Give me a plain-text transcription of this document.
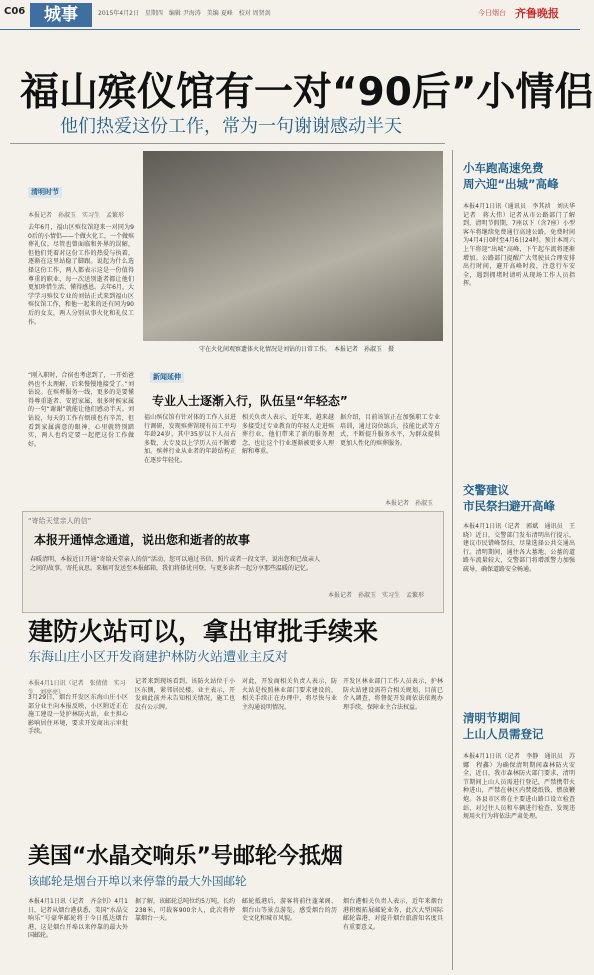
C06	城事	2015年4月2日　星期四　编辑 尹海涛　美编 夏峰　校对 周贤剑	今日烟台 齐鲁晚报
福山殡仪馆有一对“90后”小情侣
他们热爱这份工作，常为一句谢谢感动半天
清明时节
本报记者　孙淑玉　实习生　孟繁形
去年6月，福山区殡仪馆迎来一对同为90后的小情侣——个做火化工，一个做殡葬礼仪。尽管也曾面临和外界的误解，但他们凭着对这份工作的热爱与执着，逐渐在这里站稳了脚跟。说起为什么选择这份工作，两人都表示这是一份值得尊重的职业，每一次送别逝者都让他们更加珍惜生活、懂得感恩。去年6月，大学学习殡仪专业的刘钻正式来到福山区殡仪馆工作，和他一起来的还有同为90后的女友，两人分别从事火化和礼仪工作。
“刚入职时，合宿也考虑到了，一开始爸妈也不太理解，后来慢慢地接受了。”刘钻说。在殡葬服务一线，更多的是要懂得尊重逝者、安慰家属，很多时候家属的一句“谢谢”就能让他们感动半天。刘钻说，每天的工作有烦琐也有辛苦，但看到家属满意的眼神，心里就特别踏实，两人也约定要一起把这份工作做好。
守在火化间观察遗体火化情况是刘钻的日常工作。　本报记者　孙淑玉　摄
新闻延伸
专业人士逐渐入行，队伍呈“年轻态”
福山殡仪馆有针对体的工作人员进行调研，发现殡葬馆现有员工平均年龄24岁，其中35岁以下人员占多数，大专及以上学历人员不断增加。殡葬行业从业者的年龄结构正在逐步年轻化。
相关负责人表示，近年来，越来越多接受过专业教育的年轻人走进殡葬行业，他们带来了新的服务理念，也让这个行业逐渐被更多人理解和尊重。
据介绍，目前该馆正在加强职工专业培训，通过岗位练兵、技能比武等方式，不断提升服务水平，为群众提供更加人性化的殡葬服务。
本报记者　孙淑玉
“寄给天堂亲人的信”
本报开通悼念通道，说出您和逝者的故事
春暖清明，本报近日开通“寄给天堂亲人的信”活动，您可以通过书信、照片或者一段文字，说出您和已故亲人之间的故事，寄托哀思。来稿可发送至本报邮箱，我们将择优刊登，与更多读者一起分享那些温暖的记忆。
本报记者　孙淑玉　实习生　孟繁形
建防火站可以，拿出审批手续来
东海山庄小区开发商建护林防火站遭业主反对
本报4月1日讯（记者　张倩倩　实习生　刘亮亮）
3月29日，烟台开发区东海山庄小区部分业主向本报反映，小区附近正在施工建设一处护林防火站，业主担心影响居住环境，要求开发商出示审批手续。
记者来到现场看到，该防火站位于小区东侧，紧邻居民楼。业主表示，开发商此前并未告知相关情况，施工也没有公示牌。
对此，开发商相关负责人表示，防火站是按照林业部门要求建设的，相关手续正在办理中，将尽快与业主沟通说明情况。
开发区林业部门工作人员表示，护林防火站建设需符合相关规划，目前已介入调查，将督促开发商依法依规办理手续，保障业主合法权益。
美国“水晶交响乐”号邮轮今抵烟
该邮轮是烟台开埠以来停靠的最大外国邮轮
本报4月1日讯（记者　齐金钊）4月1日，记者从烟台港获悉，美国“水晶交响乐”号豪华邮轮将于今日抵达烟台港，这是烟台开埠以来停靠的最大外国邮轮。
据了解，该邮轮总吨位约5万吨，长约238米，可载客900余人，此次将停靠烟台一天。
邮轮抵港后，游客将前往蓬莱阁、烟台山等景点游览，感受烟台的历史文化和城市风貌。
烟台港相关负责人表示，近年来烟台港积极拓展邮轮业务，此次大型国际邮轮靠港，对提升烟台旅游知名度具有重要意义。
小车跑高速免费
周六迎“出城”高峰
本报4月1日讯（通讯员　李其浈　刘庆华　记者　蒋大伟）记者从市公路部门了解到，清明节假期，7座以下（含7座）小型客车将继续免费通行高速公路。免费时间为4月4日0时至4月6日24时。预计本周六上午将迎“出城”高峰，下午起车流将逐渐增加。公路部门提醒广大驾驶员合理安排出行时间，避开高峰时段，注意行车安全，遇到拥堵时请听从现场工作人员指挥。
交警建议
市民祭扫避开高峰
本报4月1日讯（记者　郭斌　通讯员　王晓）近日，交警部门发布清明出行提示，建议市民错峰祭扫，尽量选择公共交通出行。清明期间，通往各大墓地、公墓的道路车流量较大，交警部门将增派警力加强疏导，确保道路安全畅通。
清明节期间
上山人员需登记
本报4月1日讯（记者　李静　通讯员　苏娜　程鑫）为确保清明期间森林防火安全，近日，我市森林防火部门要求，清明节期间上山人员需进行登记，严禁携带火种进山，严禁在林区内焚烧纸钱、燃放鞭炮。各县市区将在主要进山路口设立检查站，对过往人员和车辆进行检查，发现违规用火行为将依法严肃处理。
